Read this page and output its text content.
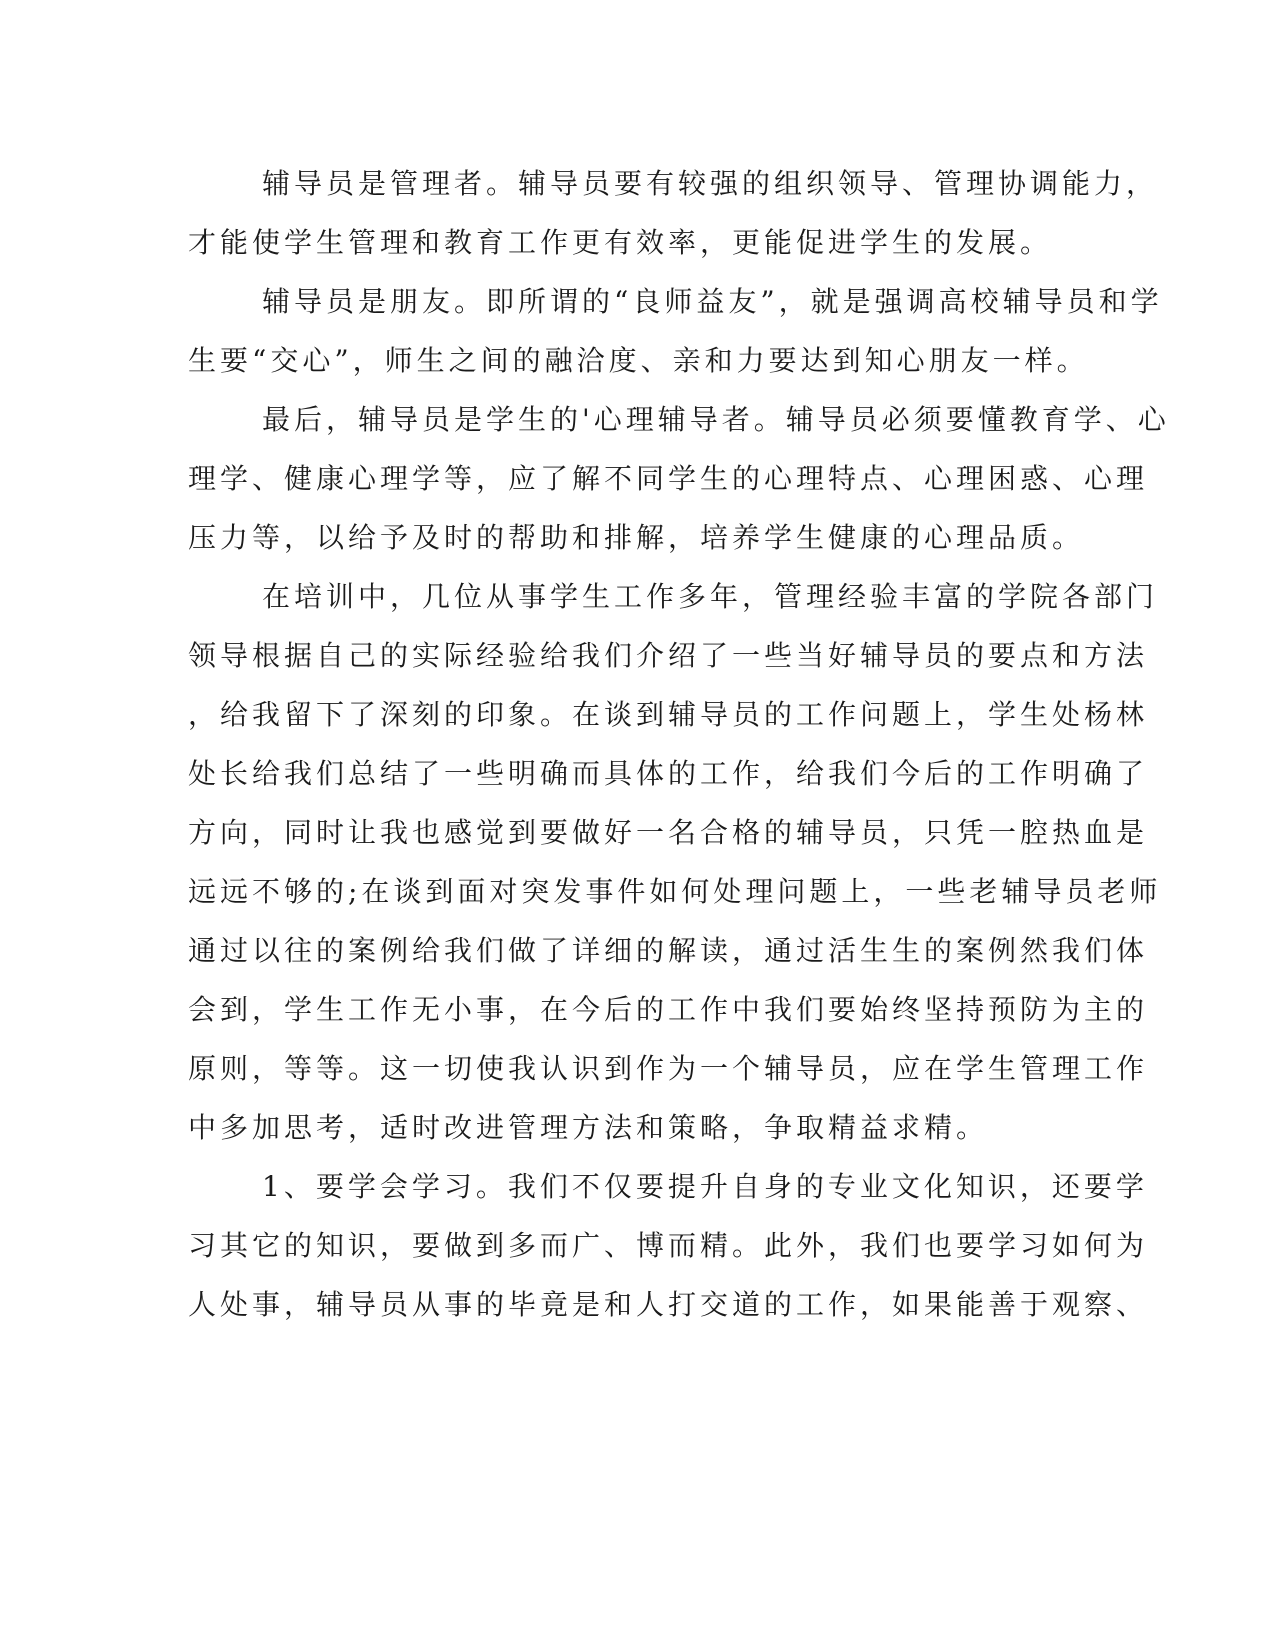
辅导员是管理者。辅导员要有较强的组织领导、管理协调能力，
才能使学生管理和教育工作更有效率，更能促进学生的发展。
辅导员是朋友。即所谓的“良师益友”，就是强调高校辅导员和学
生要“交心”，师生之间的融洽度、亲和力要达到知心朋友一样。
最后，辅导员是学生的'心理辅导者。辅导员必须要懂教育学、心
理学、健康心理学等，应了解不同学生的心理特点、心理困惑、心理
压力等，以给予及时的帮助和排解，培养学生健康的心理品质。
在培训中，几位从事学生工作多年，管理经验丰富的学院各部门
领导根据自己的实际经验给我们介绍了一些当好辅导员的要点和方法
，给我留下了深刻的印象。在谈到辅导员的工作问题上，学生处杨林
处长给我们总结了一些明确而具体的工作，给我们今后的工作明确了
方向，同时让我也感觉到要做好一名合格的辅导员，只凭一腔热血是
远远不够的;在谈到面对突发事件如何处理问题上，一些老辅导员老师
通过以往的案例给我们做了详细的解读，通过活生生的案例然我们体
会到，学生工作无小事，在今后的工作中我们要始终坚持预防为主的
原则，等等。这一切使我认识到作为一个辅导员，应在学生管理工作
中多加思考，适时改进管理方法和策略，争取精益求精。
1、要学会学习。我们不仅要提升自身的专业文化知识，还要学
习其它的知识，要做到多而广、博而精。此外，我们也要学习如何为
人处事，辅导员从事的毕竟是和人打交道的工作，如果能善于观察、
